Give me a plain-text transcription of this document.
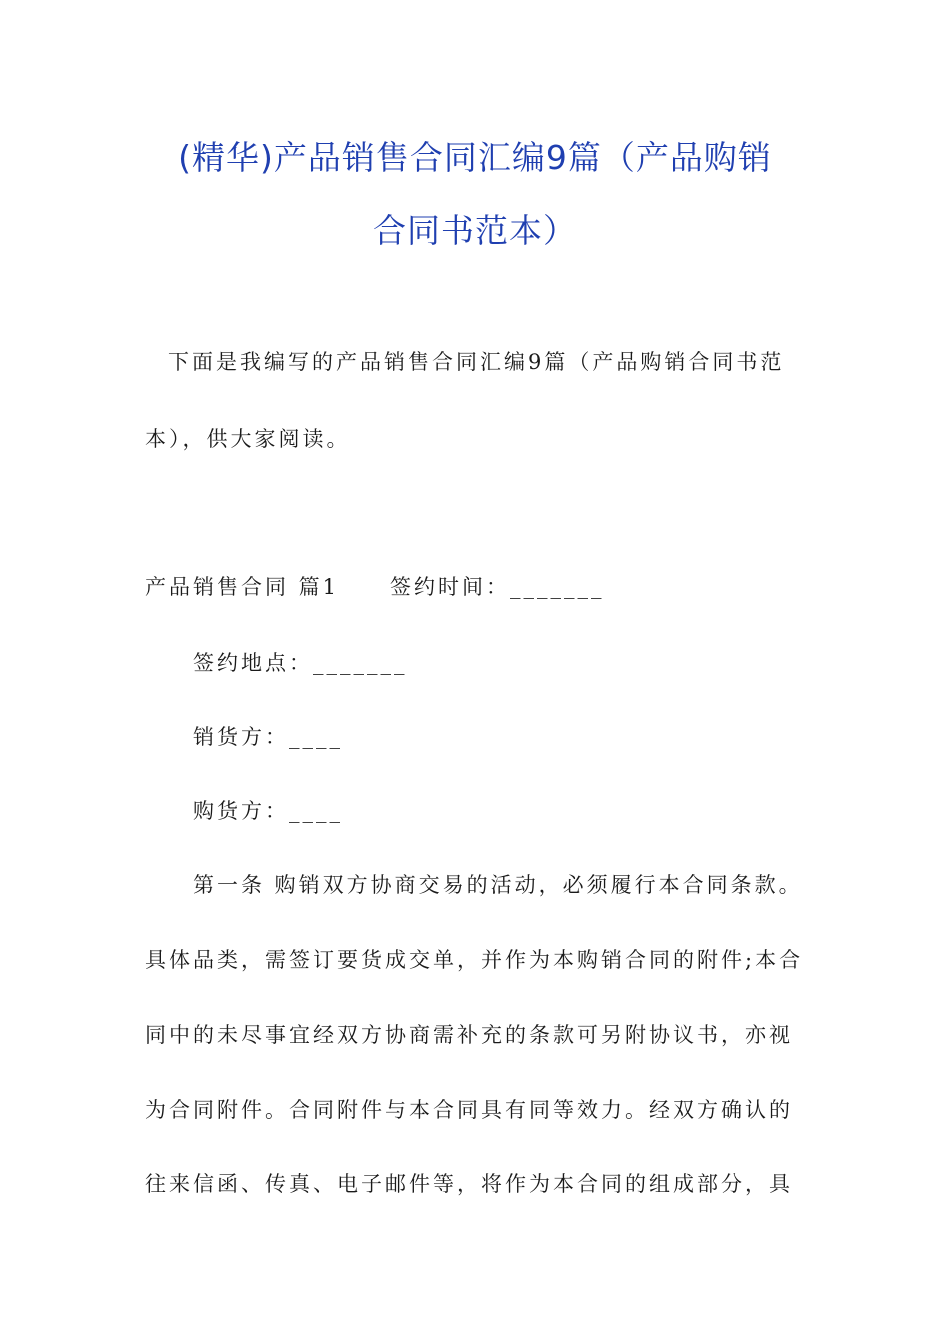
(精华)产品销售合同汇编9篇（产品购销
合同书范本）
下面是我编写的产品销售合同汇编9篇（产品购销合同书范
本），供大家阅读。
产品销售合同 篇1 签约时间：_______
签约地点：_______
销货方：____
购货方：____
第一条 购销双方协商交易的活动，必须履行本合同条款。
具体品类，需签订要货成交单，并作为本购销合同的附件;本合
同中的未尽事宜经双方协商需补充的条款可另附协议书，亦视
为合同附件。合同附件与本合同具有同等效力。经双方确认的
往来信函、传真、电子邮件等，将作为本合同的组成部分，具
